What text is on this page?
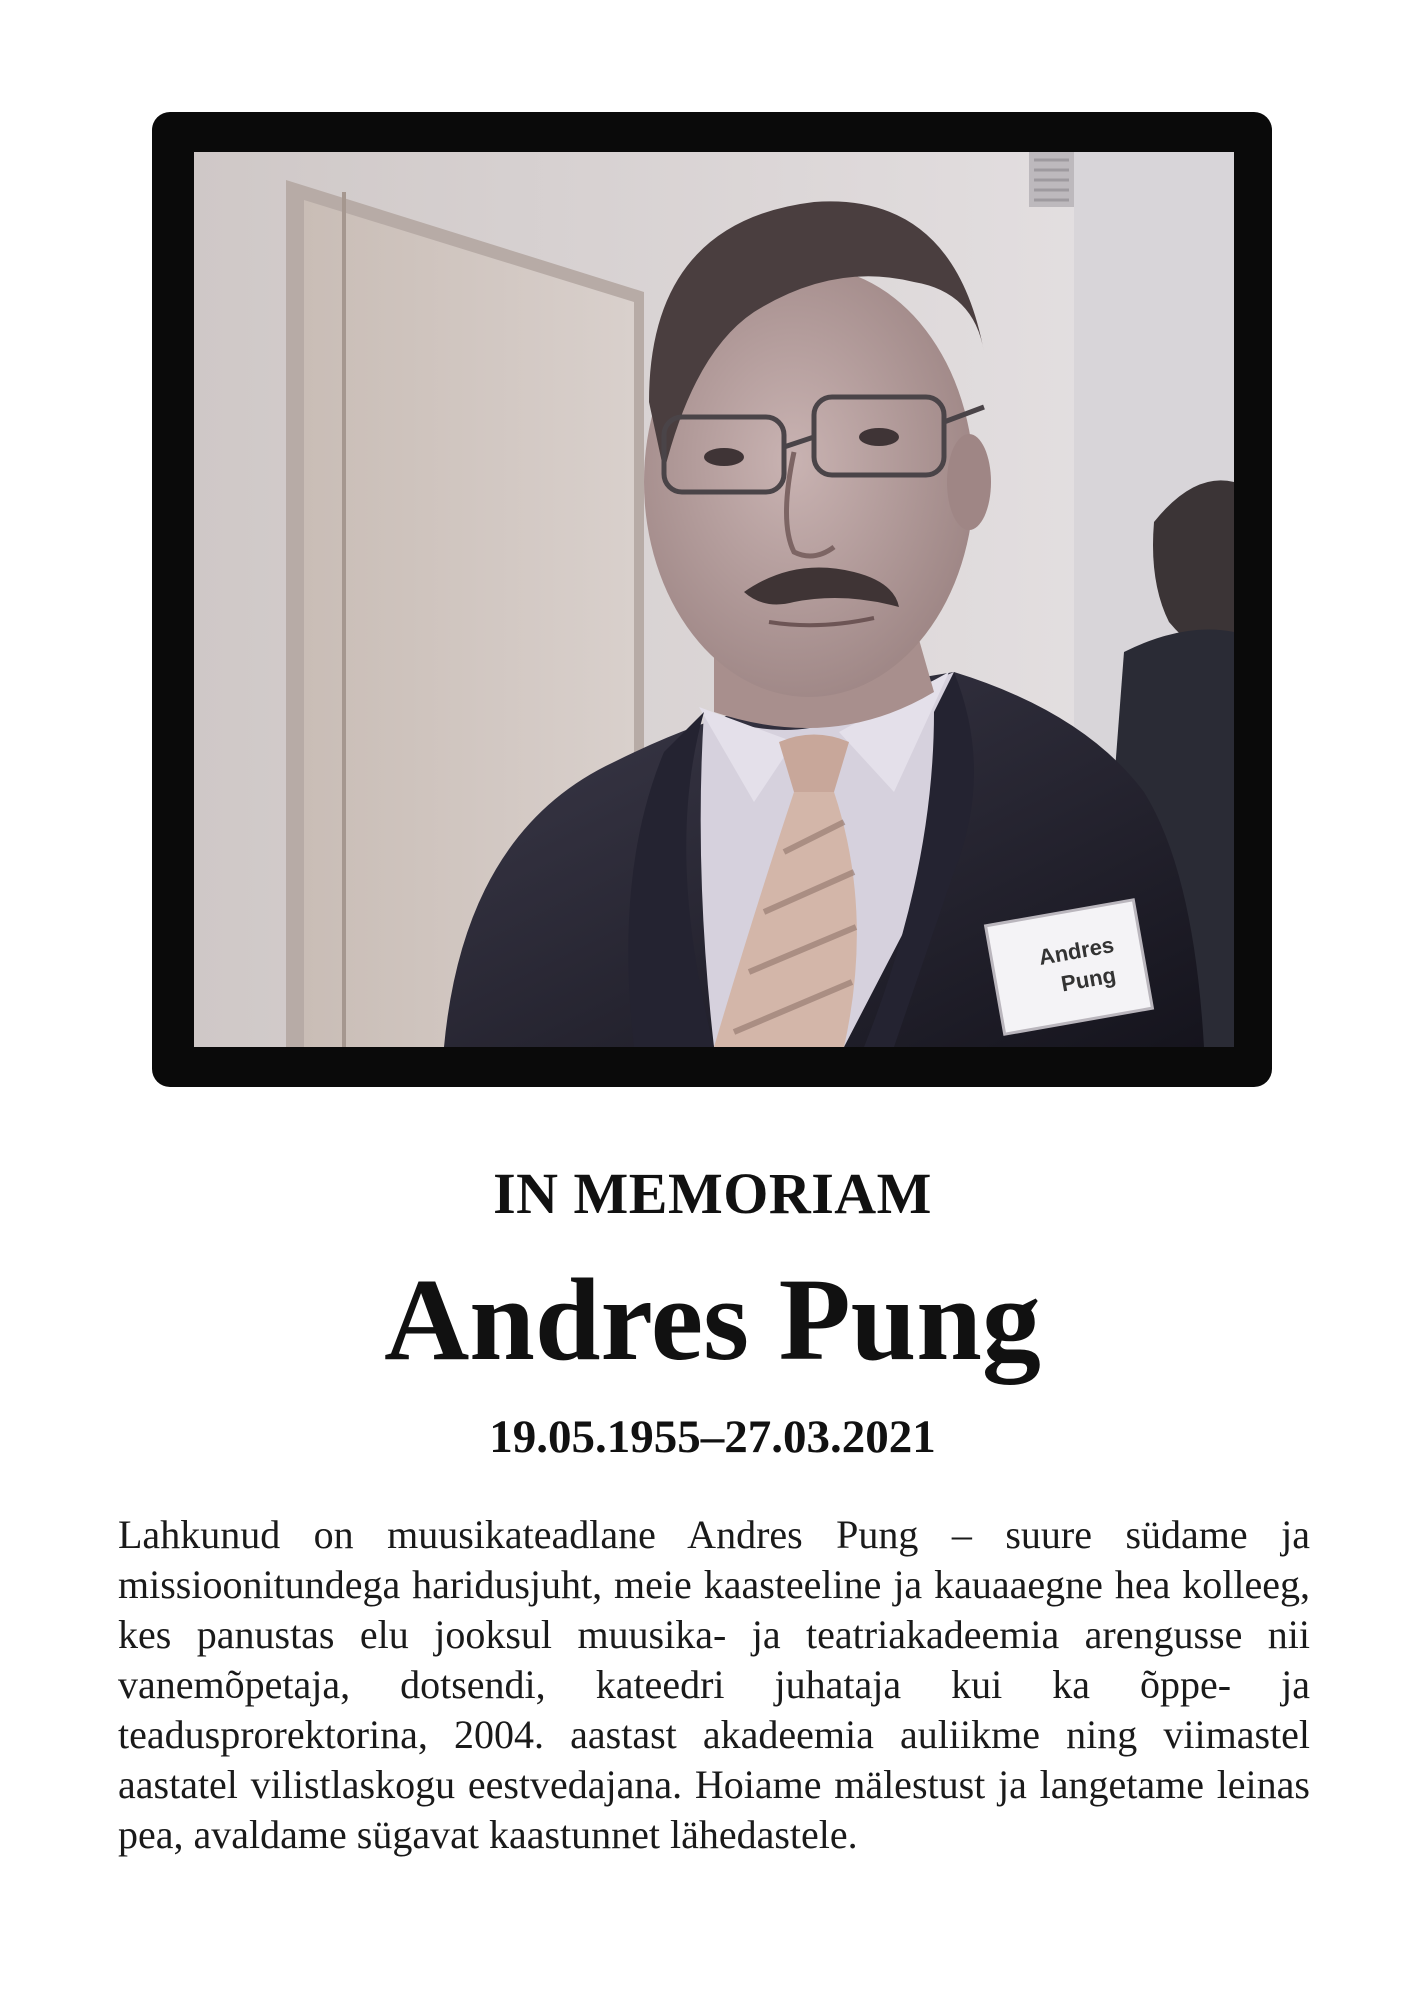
Andres
Pung
IN MEMORIAM
Andres Pung
19.05.1955–27.03.2021

Lahkunud on muusikateadlane Andres Pung – suure südame ja missioonitundega haridusjuht, meie kaasteeline ja kauaaegne hea kolleeg, kes panustas elu jooksul muusika- ja teatriakadeemia arengusse nii vanemõpetaja, dotsendi, kateedri juhataja kui ka õppe- ja teadusprorektorina, 2004. aastast akadeemia auliikme ning viimastel aastatel vilistlaskogu eestvedajana. Hoiame mälestust ja langetame leinas pea, avaldame sügavat kaastunnet lähedastele.
